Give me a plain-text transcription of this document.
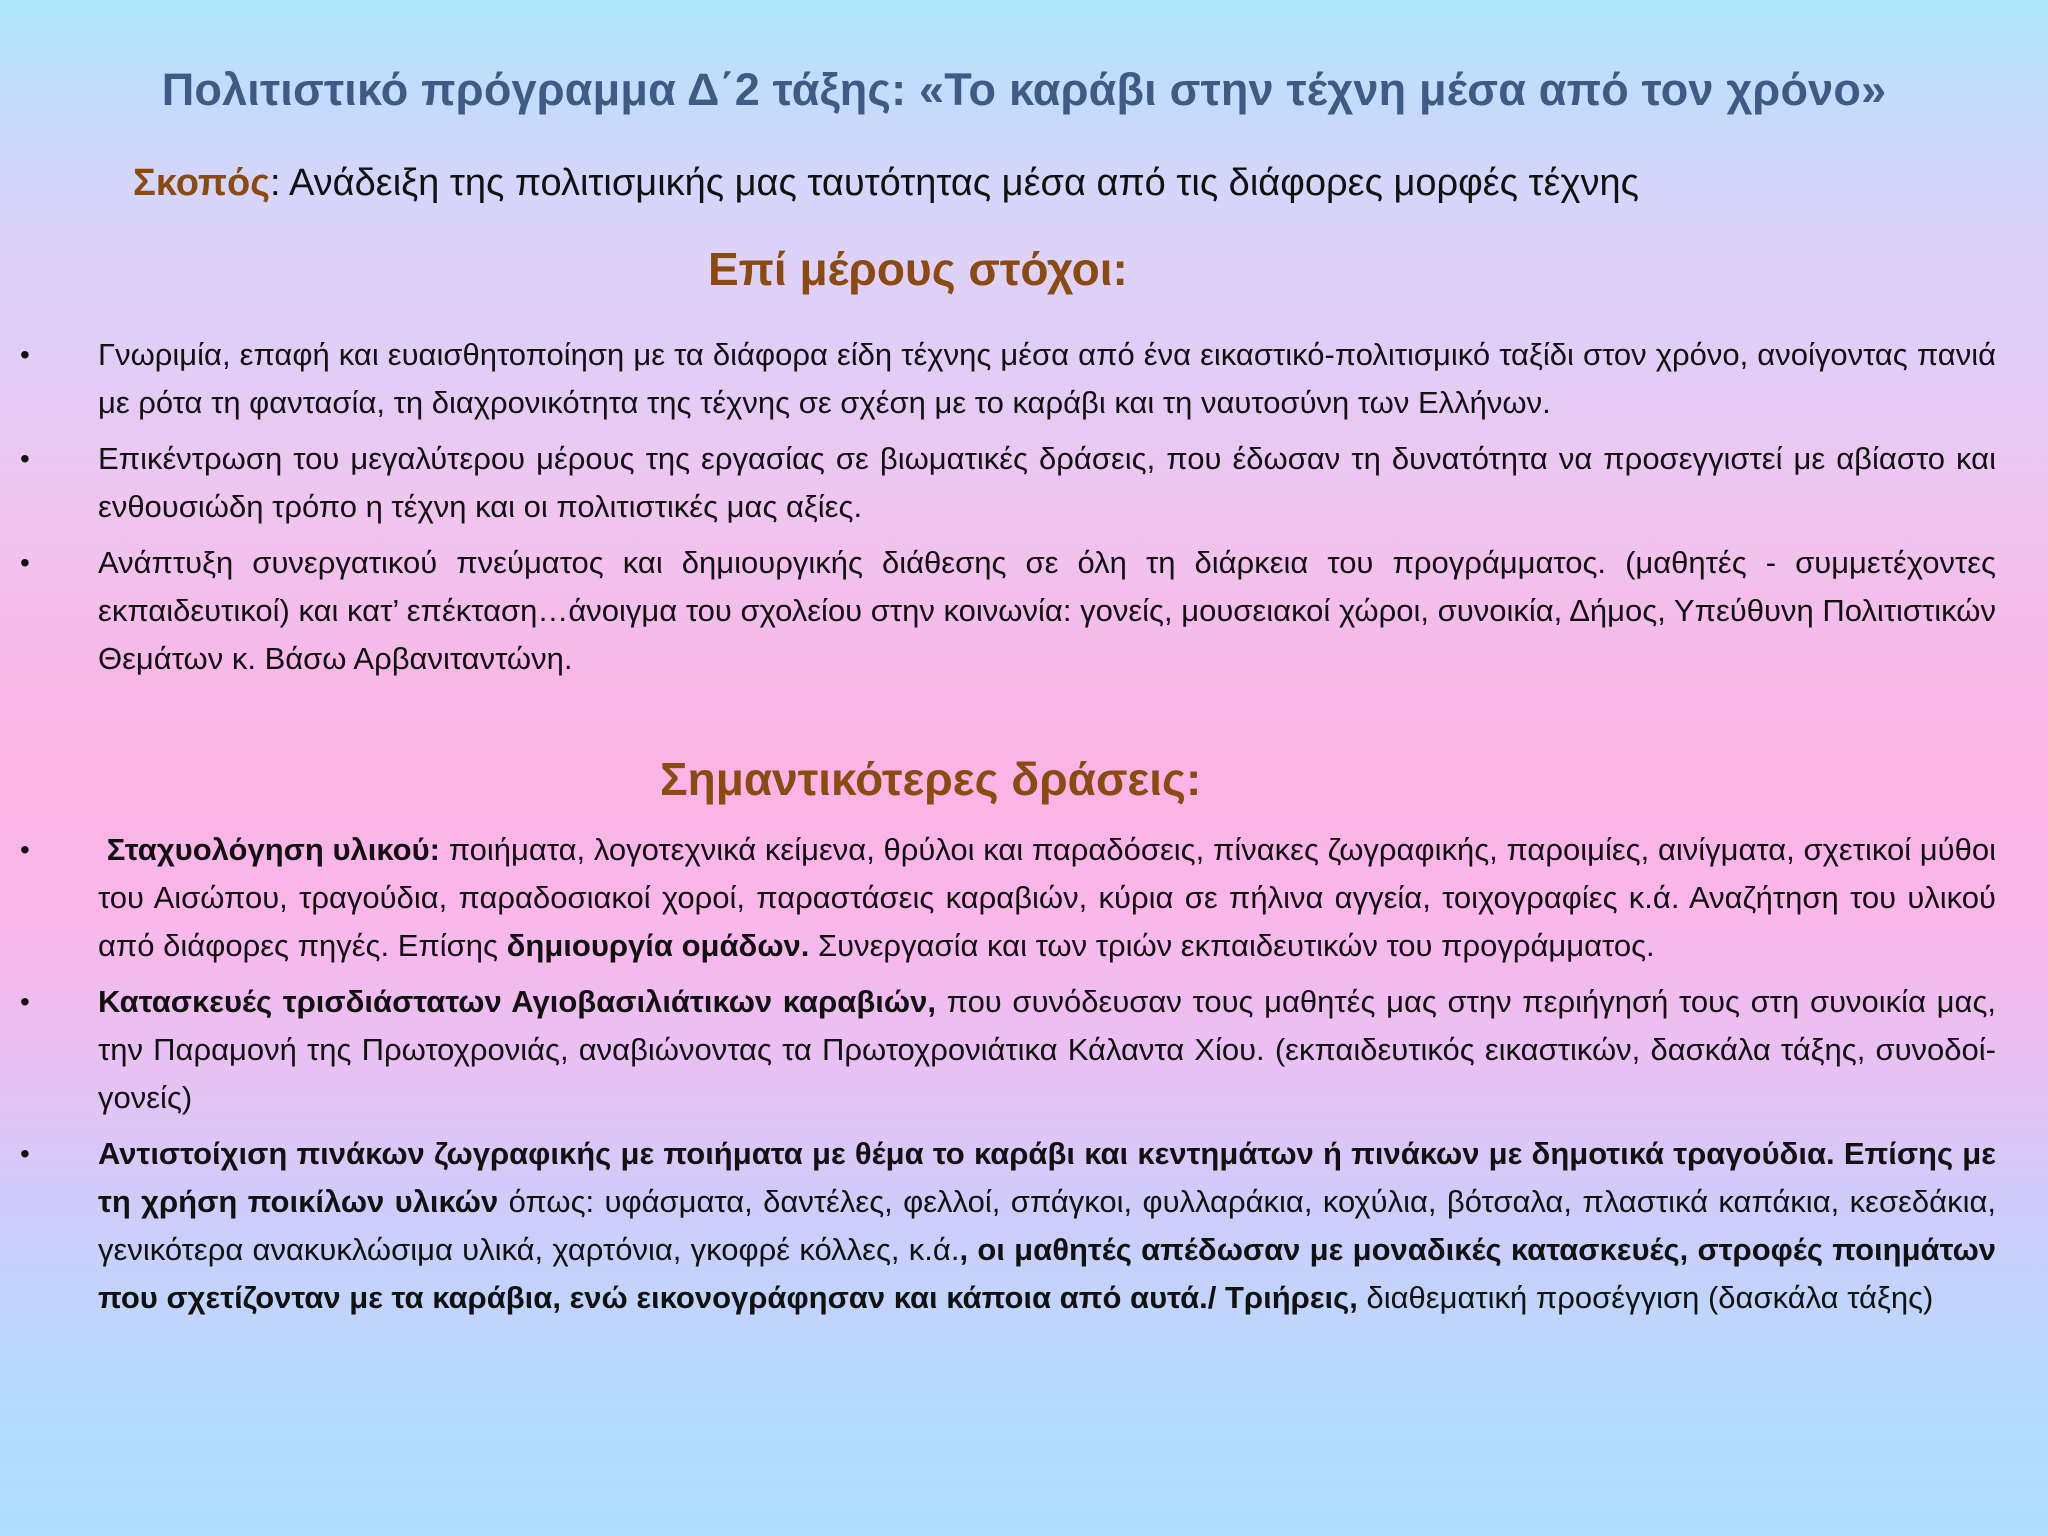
Πολιτιστικό πρόγραμμα Δ΄2 τάξης: «Το καράβι στην τέχνη μέσα από τον χρόνο»
Σκοπός: Ανάδειξη της πολιτισμικής μας ταυτότητας μέσα από τις διάφορες μορφές τέχνης
Επί μέρους στόχοι:
• Γνωριμία, επαφή και ευαισθητοποίηση με τα διάφορα είδη τέχνης μέσα από ένα εικαστικό-πολιτισμικό ταξίδι στον χρόνο, ανοίγοντας πανιά με ρότα τη φαντασία, τη διαχρονικότητα της τέχνης σε σχέση με το καράβι και τη ναυτοσύνη των Ελλήνων.
• Επικέντρωση του μεγαλύτερου μέρους της εργασίας σε βιωματικές δράσεις, που έδωσαν τη δυνατότητα να προσεγγιστεί με αβίαστο και ενθουσιώδη τρόπο η τέχνη και οι πολιτιστικές μας αξίες.
• Ανάπτυξη συνεργατικού πνεύματος και δημιουργικής διάθεσης σε όλη τη διάρκεια του προγράμματος. (μαθητές - συμμετέχοντες εκπαιδευτικοί) και κατ’ επέκταση…άνοιγμα του σχολείου στην κοινωνία: γονείς, μουσειακοί χώροι, συνοικία, Δήμος, Υπεύθυνη Πολιτιστικών Θεμάτων κ. Βάσω Αρβανιταντώνη.
Σημαντικότερες δράσεις:
• Σταχυολόγηση υλικού: ποιήματα, λογοτεχνικά κείμενα, θρύλοι και παραδόσεις, πίνακες ζωγραφικής, παροιμίες, αινίγματα, σχετικοί μύθοι του Αισώπου, τραγούδια, παραδοσιακοί χοροί, παραστάσεις καραβιών, κύρια σε πήλινα αγγεία, τοιχογραφίες κ.ά. Αναζήτηση του υλικού από διάφορες πηγές. Επίσης δημιουργία ομάδων. Συνεργασία και των τριών εκπαιδευτικών του προγράμματος.
• Κατασκευές τρισδιάστατων Αγιοβασιλιάτικων καραβιών, που συνόδευσαν τους μαθητές μας στην περιήγησή τους στη συνοικία μας, την Παραμονή της Πρωτοχρονιάς, αναβιώνοντας τα Πρωτοχρονιάτικα Κάλαντα Χίου. (εκπαιδευτικός εικαστικών, δασκάλα τάξης, συνοδοί-γονείς)
• Αντιστοίχιση πινάκων ζωγραφικής με ποιήματα με θέμα το καράβι και κεντημάτων ή πινάκων με δημοτικά τραγούδια. Επίσης με τη χρήση ποικίλων υλικών όπως: υφάσματα, δαντέλες, φελλοί, σπάγκοι, φυλλαράκια, κοχύλια, βότσαλα, πλαστικά καπάκια, κεσεδάκια, γενικότερα ανακυκλώσιμα υλικά, χαρτόνια, γκοφρέ κόλλες, κ.ά., οι μαθητές απέδωσαν με μοναδικές κατασκευές, στροφές ποιημάτων που σχετίζονταν με τα καράβια, ενώ εικονογράφησαν και κάποια από αυτά./ Τριήρεις, διαθεματική προσέγγιση (δασκάλα τάξης)
